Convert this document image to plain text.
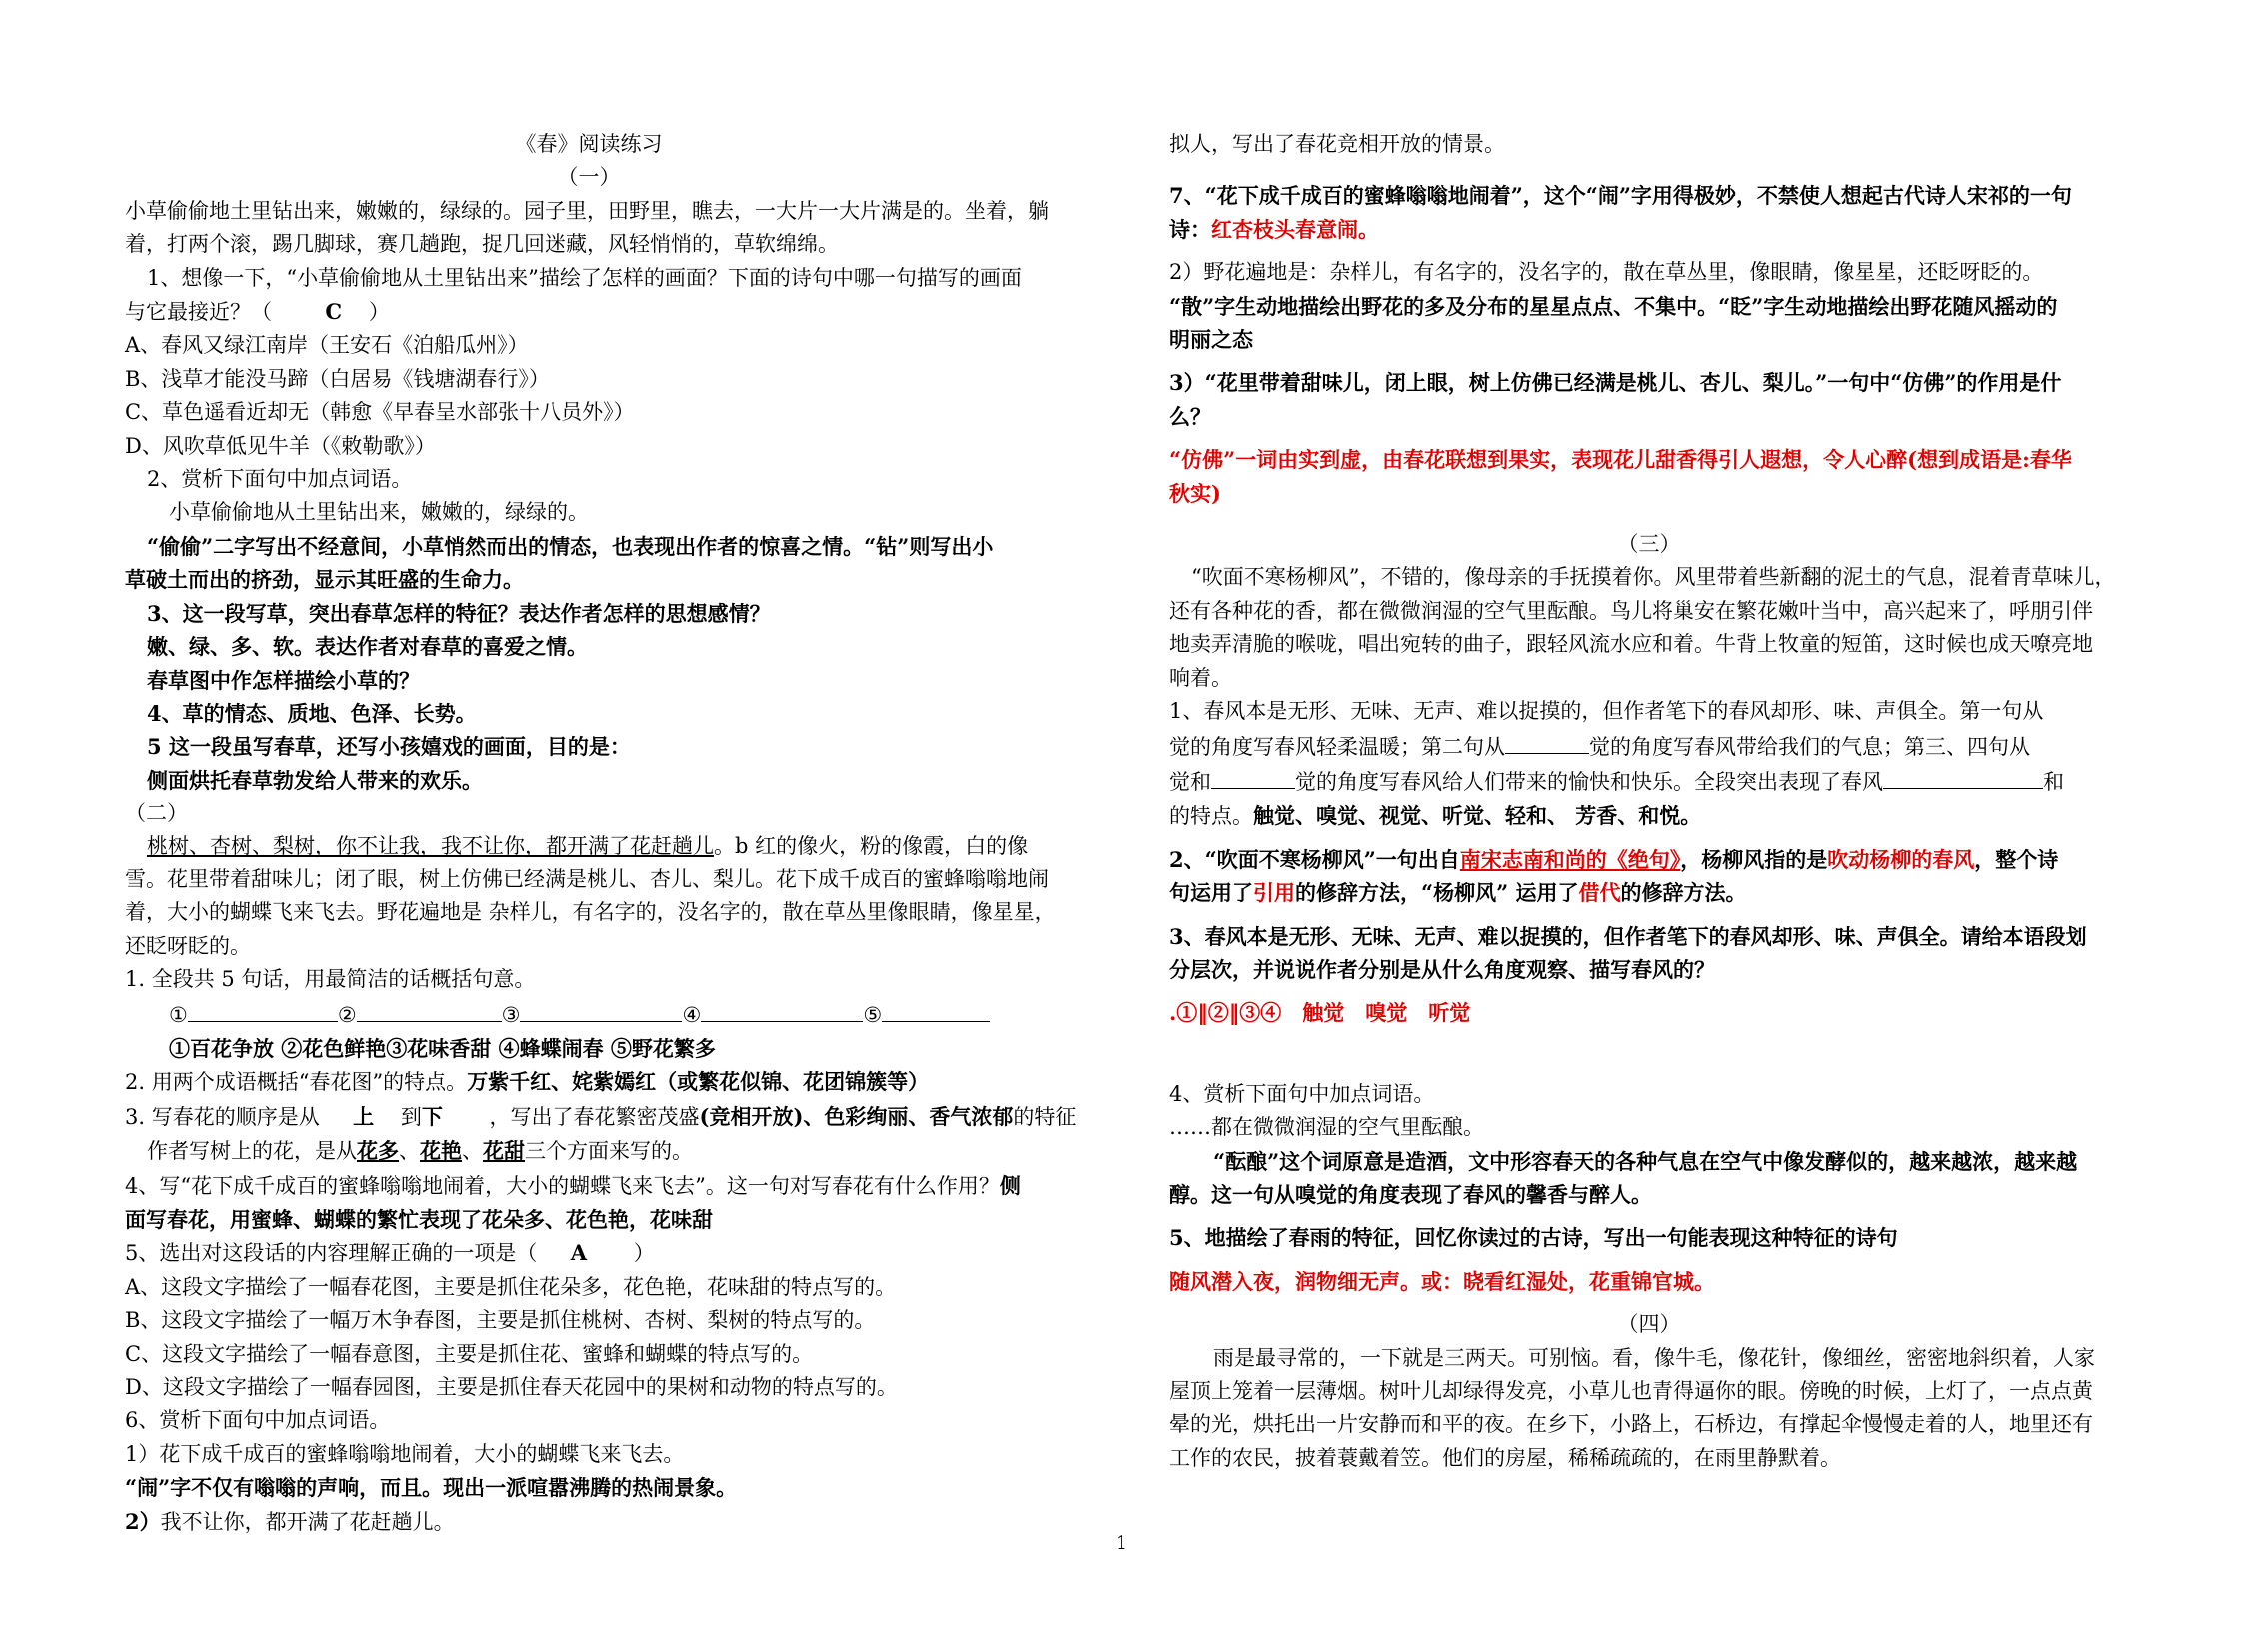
《春》阅读练习

（一）

小草偷偷地土里钻出来，嫩嫩的，绿绿的。园子里，田野里，瞧去，一大片一大片满是的。坐着，躺

着，打两个滚，踢几脚球，赛几趟跑，捉几回迷藏，风轻悄悄的，草软绵绵。

1、想像一下，“小草偷偷地从土里钻出来”描绘了怎样的画面？下面的诗句中哪一句描写的画面

与它最接近？（	C ）

A、春风又绿江南岸（王安石《泊船瓜州》）

B、浅草才能没马蹄（白居易《钱塘湖春行》）

C、草色遥看近却无（韩愈《早春呈水部张十八员外》）

D、风吹草低见牛羊（《敕勒歌》）

2、赏析下面句中加点词语。

小草偷偷地从土里钻出来，嫩嫩的，绿绿的。

“偷偷”二字写出不经意间，小草悄然而出的情态，也表现出作者的惊喜之情。“钻”则写出小

草破土而出的挤劲，显示其旺盛的生命力。

3、这一段写草，突出春草怎样的特征？表达作者怎样的思想感情？

嫩、绿、多、软。表达作者对春草的喜爱之情。

春草图中作怎样描绘小草的？

4、草的情态、质地、色泽、长势。

5 这一段虽写春草，还写小孩嬉戏的画面，目的是：

侧面烘托春草勃发给人带来的欢乐。

（二）

桃树、杏树、梨树，你不让我，我不让你，都开满了花赶趟儿。b 红的像火，粉的像霞，白的像

雪。花里带着甜味儿；闭了眼，树上仿佛已经满是桃儿、杏儿、梨儿。花下成千成百的蜜蜂嗡嗡地闹

着，大小的蝴蝶飞来飞去。野花遍地是 杂样儿，有名字的，没名字的，散在草丛里像眼睛，像星星，

还眨呀眨的。

1. 全段共 5 句话，用最简洁的话概括句意。

①	②	③	④	⑤

①百花争放 ②花色鲜艳③花味香甜 ④蜂蝶闹春 ⑤野花繁多

2. 用两个成语概括“春花图”的特点。万紫千红、姹紫嫣红（或繁花似锦、花团锦簇等）

3. 写春花的顺序是从 上 到下 ，写出了春花繁密茂盛(竞相开放)、色彩绚丽、香气浓郁的特征

作者写树上的花，是从花多、花艳、花甜三个方面来写的。

4、写“花下成千成百的蜜蜂嗡嗡地闹着，大小的蝴蝶飞来飞去”。这一句对写春花有什么作用？侧

面写春花，用蜜蜂、蝴蝶的繁忙表现了花朵多、花色艳，花味甜

5、选出对这段话的内容理解正确的一项是（ A ）

A、这段文字描绘了一幅春花图，主要是抓住花朵多，花色艳，花味甜的特点写的。

B、这段文字描绘了一幅万木争春图，主要是抓住桃树、杏树、梨树的特点写的。

C、这段文字描绘了一幅春意图，主要是抓住花、蜜蜂和蝴蝶的特点写的。

D、这段文字描绘了一幅春园图，主要是抓住春天花园中的果树和动物的特点写的。

6、赏析下面句中加点词语。

1）花下成千成百的蜜蜂嗡嗡地闹着，大小的蝴蝶飞来飞去。

“闹”字不仅有嗡嗡的声响，而且。现出一派喧嚣沸腾的热闹景象。

2）我不让你，都开满了花赶趟儿。

拟人，写出了春花竞相开放的情景。

7、“花下成千成百的蜜蜂嗡嗡地闹着”，这个“闹”字用得极妙，不禁使人想起古代诗人宋祁的一句

诗：红杏枝头春意闹。

2）野花遍地是：杂样儿，有名字的，没名字的，散在草丛里，像眼睛，像星星，还眨呀眨的。

“散”字生动地描绘出野花的多及分布的星星点点、不集中。“眨”字生动地描绘出野花随风摇动的

明丽之态

3）“花里带着甜味儿，闭上眼，树上仿佛已经满是桃儿、杏儿、梨儿。”一句中“仿佛”的作用是什

么？

“仿佛”一词由实到虚，由春花联想到果实，表现花儿甜香得引人遐想，令人心醉(想到成语是:春华

秋实)

（三）

“吹面不寒杨柳风”，不错的，像母亲的手抚摸着你。风里带着些新翻的泥土的气息，混着青草味儿，

还有各种花的香，都在微微润湿的空气里酝酿。鸟儿将巢安在繁花嫩叶当中，高兴起来了，呼朋引伴

地卖弄清脆的喉咙，唱出宛转的曲子，跟轻风流水应和着。牛背上牧童的短笛，这时候也成天嘹亮地

响着。

1、春风本是无形、无味、无声、难以捉摸的，但作者笔下的春风却形、味、声俱全。第一句从

觉的角度写春风轻柔温暖；第二句从	觉的角度写春风带给我们的气息；第三、四句从

觉和	觉的角度写春风给人们带来的愉快和快乐。全段突出表现了春风	和

的特点。触觉、嗅觉、视觉、听觉、轻和、 芳香、和悦。

2、“吹面不寒杨柳风”一句出自南宋志南和尚的《绝句》，杨柳风指的是吹动杨柳的春风，整个诗

句运用了引用的修辞方法，“杨柳风” 运用了借代的修辞方法。

3、春风本是无形、无味、无声、难以捉摸的，但作者笔下的春风却形、味、声俱全。请给本语段划

分层次，并说说作者分别是从什么角度观察、描写春风的？

.①‖②‖③④　触觉　嗅觉　听觉

4、赏析下面句中加点词语。

……都在微微润湿的空气里酝酿。

“酝酿”这个词原意是造酒，文中形容春天的各种气息在空气中像发酵似的，越来越浓，越来越

醇。这一句从嗅觉的角度表现了春风的馨香与醉人。

5、地描绘了春雨的特征，回忆你读过的古诗，写出一句能表现这种特征的诗句

随风潜入夜，润物细无声。或：晓看红湿处，花重锦官城。

（四）

雨是最寻常的，一下就是三两天。可别恼。看，像牛毛，像花针，像细丝，密密地斜织着，人家

屋顶上笼着一层薄烟。树叶儿却绿得发亮，小草儿也青得逼你的眼。傍晚的时候，上灯了，一点点黄

晕的光，烘托出一片安静而和平的夜。在乡下，小路上，石桥边，有撑起伞慢慢走着的人，地里还有

工作的农民，披着蓑戴着笠。他们的房屋，稀稀疏疏的，在雨里静默着。

1
